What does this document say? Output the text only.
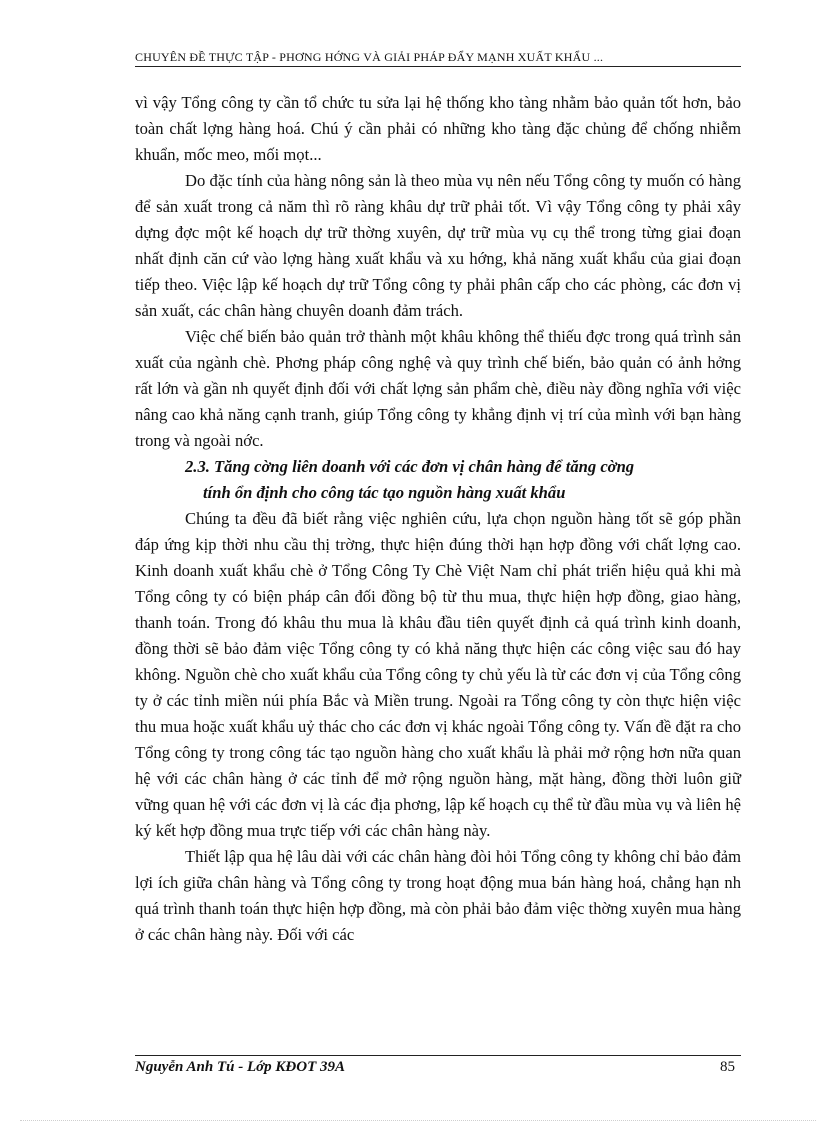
CHUYÊN ĐỀ THỰC TẬP - PHƠNG HỚNG VÀ GIẢI PHÁP ĐẨY MẠNH XUẤT KHẨU ...

vì vậy Tổng công ty cần tổ chức tu sửa lại hệ thống kho tàng nhằm bảo quản tốt hơn, bảo toàn chất lợng hàng hoá. Chú ý cần phải có những kho tàng đặc chủng để chống nhiễm khuẩn, mốc meo, mối mọt...

Do đặc tính của hàng nông sản là theo mùa vụ nên nếu Tổng công ty muốn có hàng để sản xuất trong cả năm thì rõ ràng khâu dự trữ phải tốt. Vì vậy Tổng công ty phải xây dựng đợc một kế hoạch dự trữ thờng xuyên, dự trữ mùa vụ cụ thể trong từng giai đoạn nhất định căn cứ vào lợng hàng xuất khẩu và xu hớng, khả năng xuất khẩu của giai đoạn tiếp theo. Việc lập kế hoạch dự trữ Tổng công ty phải phân cấp cho các phòng, các đơn vị sản xuất, các chân hàng chuyên doanh đảm trách.

Việc chế biến bảo quản trở thành một khâu không thể thiếu đợc trong quá trình sản xuất của ngành chè. Phơng pháp công nghệ và quy trình chế biến, bảo quản có ảnh hởng rất lớn và gần nh quyết định đối với chất lợng sản phẩm chè, điều này đồng nghĩa với việc nâng cao khả năng cạnh tranh, giúp Tổng công ty khẳng định vị trí của mình với bạn hàng trong và ngoài nớc.

2.3. Tăng cờng liên doanh với các đơn vị chân hàng để tăng cờng
tính ổn định cho công tác tạo nguồn hàng xuất khẩu

Chúng ta đều đã biết rằng việc nghiên cứu, lựa chọn nguồn hàng tốt sẽ góp phần đáp ứng kịp thời nhu cầu thị trờng, thực hiện đúng thời hạn hợp đồng với chất lợng cao. Kinh doanh xuất khẩu chè ở Tổng Công Ty Chè Việt Nam chỉ phát triển hiệu quả khi mà Tổng công ty có biện pháp cân đối đồng bộ từ thu mua, thực hiện hợp đồng, giao hàng, thanh toán. Trong đó khâu thu mua là khâu đầu tiên quyết định cả quá trình kinh doanh, đồng thời sẽ bảo đảm việc Tổng công ty có khả năng thực hiện các công việc sau đó hay không. Nguồn chè cho xuất khẩu của Tổng công ty chủ yếu là từ các đơn vị của Tổng công ty ở các tỉnh miền núi phía Bắc và Miền trung. Ngoài ra Tổng công ty còn thực hiện việc thu mua hoặc xuất khẩu uỷ thác cho các đơn vị khác ngoài Tổng công ty. Vấn đề đặt ra cho Tổng công ty trong công tác tạo nguồn hàng cho xuất khẩu là phải mở rộng hơn nữa quan hệ với các chân hàng ở các tỉnh để mở rộng nguồn hàng, mặt hàng, đồng thời luôn giữ vững quan hệ với các đơn vị là các địa phơng, lập kế hoạch cụ thể từ đầu mùa vụ và liên hệ ký kết hợp đồng mua trực tiếp với các chân hàng này.

Thiết lập qua hệ lâu dài với các chân hàng đòi hỏi Tổng công ty không chỉ bảo đảm lợi ích giữa chân hàng và Tổng công ty trong hoạt động mua bán hàng hoá, chẳng hạn nh quá trình thanh toán thực hiện hợp đồng, mà còn phải bảo đảm việc thờng xuyên mua hàng ở các chân hàng này. Đối với các

Nguyễn Anh Tú - Lớp KĐOT 39A	85
